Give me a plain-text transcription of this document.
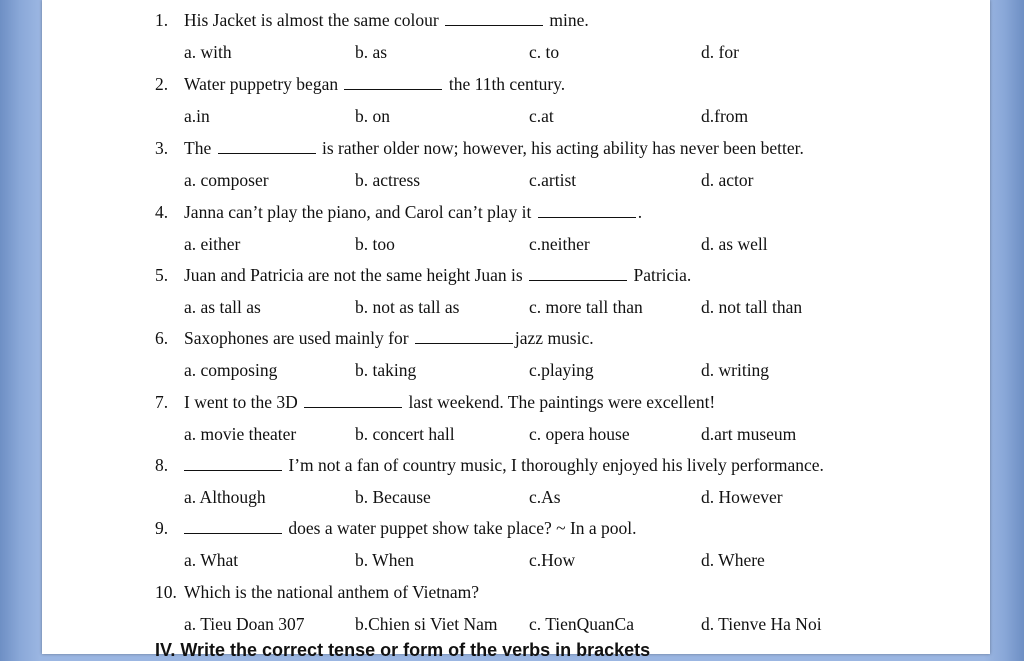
1. His Jacket is almost the same colour	mine.
a. with	b. as	c. to	d. for
2. Water puppetry began	the 11th century.
a.in	b. on	c.at	d.from
3. The	is rather older now; however, his acting ability has never been better.
a. composer	b. actress	c.artist	d. actor
4. Janna can’t play the piano, and Carol can’t play it	.
a. either	b. too	c.neither	d. as well
5. Juan and Patricia are not the same height Juan is	Patricia.
a. as tall as	b. not as tall as	c. more tall than	d. not tall than
6. Saxophones are used mainly for	jazz music.
a. composing	b. taking	c.playing	d. writing
7. I went to the 3D	last weekend. The paintings were excellent!
a. movie theater	b. concert hall	c. opera house	d.art museum
8.	I’m not a fan of country music, I thoroughly enjoyed his lively performance.
a. Although	b. Because	c.As	d. However
9.	does a water puppet show take place? ~ In a pool.
a. What	b. When	c.How	d. Where
10. Which is the national anthem of Vietnam?
a. Tieu Doan 307	b.Chien si Viet Nam c. TienQuanCa	d. Tienve Ha Noi
IV. Write the correct tense or form of the verbs in brackets
